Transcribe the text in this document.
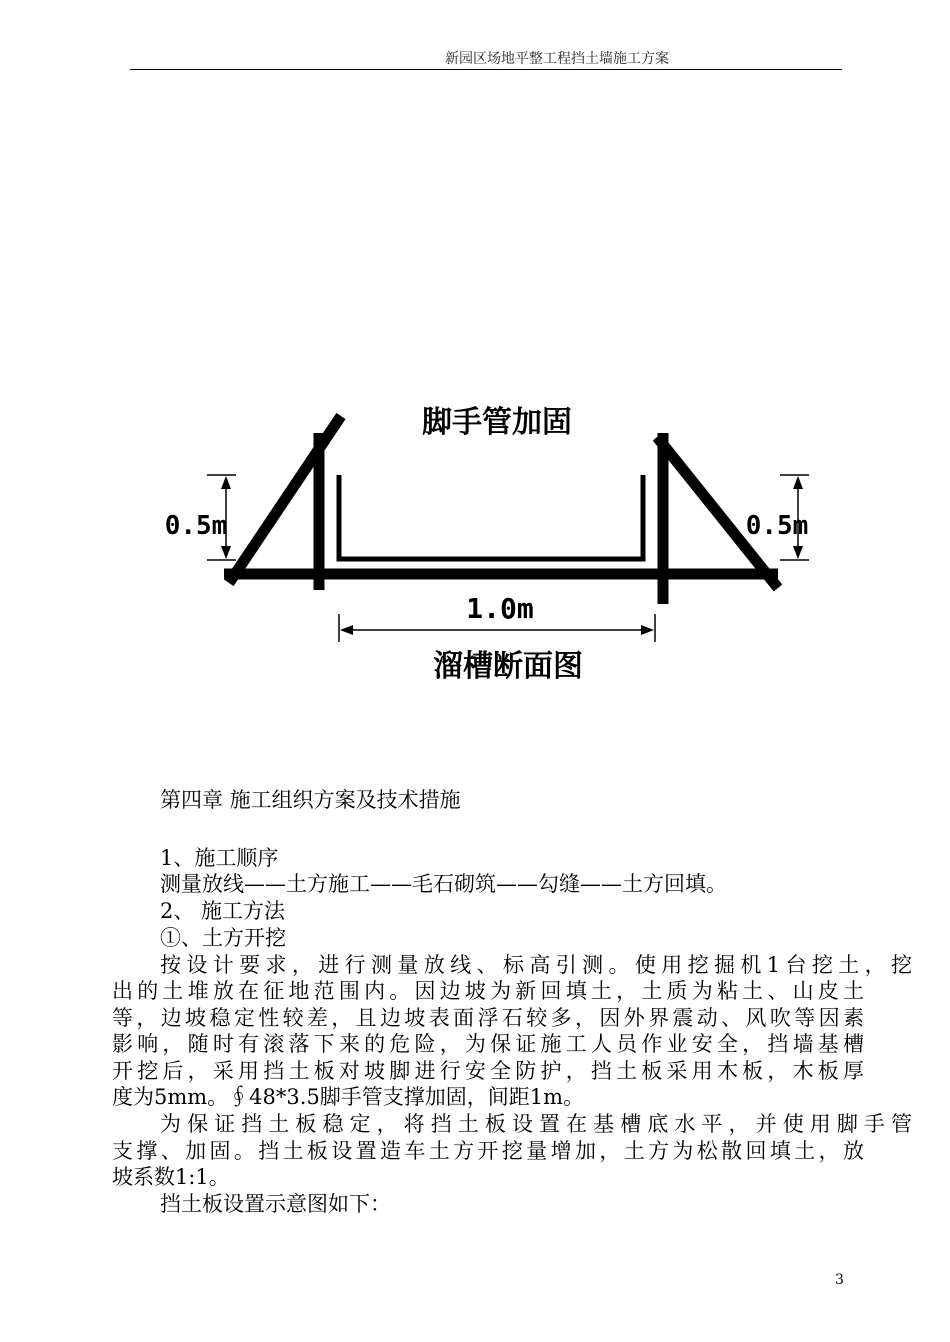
新园区场地平整工程挡土墙施工方案
脚手管加固
0.5m	0.5m
1.0m
溜槽断面图
第四章 施工组织方案及技术措施
1、施工顺序
测量放线——土方施工——毛石砌筑——勾缝——土方回填。
2、 施工方法
①、土方开挖
按设计要求，进行测量放线、标高引测。使用挖掘机1台挖土，挖
出的土堆放在征地范围内。因边坡为新回填土，土质为粘土、山皮土
等，边坡稳定性较差，且边坡表面浮石较多，因外界震动、风吹等因素
影响，随时有滚落下来的危险，为保证施工人员作业安全，挡墙基槽
开挖后，采用挡土板对坡脚进行安全防护，挡土板采用木板，木板厚
度为5mm。∮48*3.5脚手管支撑加固，间距1m。
为保证挡土板稳定，将挡土板设置在基槽底水平，并使用脚手管
支撑、加固。挡土板设置造车土方开挖量增加，土方为松散回填土，放
坡系数1:1。
挡土板设置示意图如下：
3
